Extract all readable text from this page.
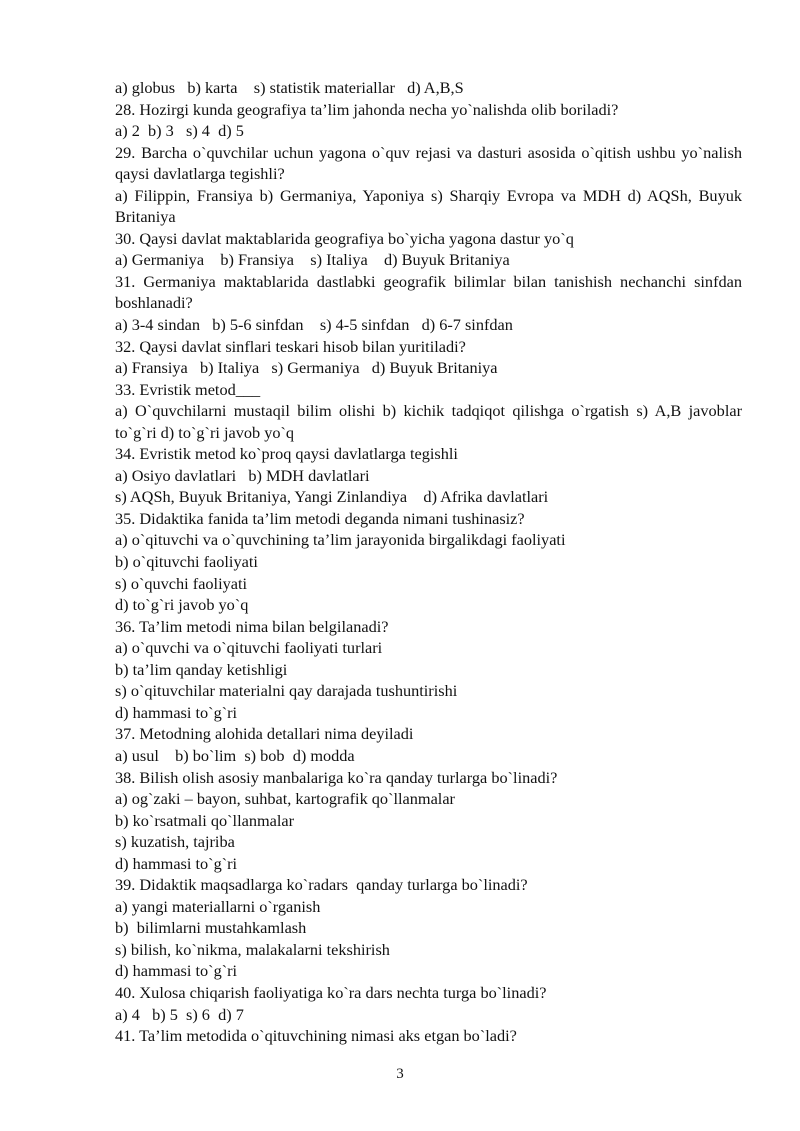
a) globus   b) karta    s) statistik materiallar   d) A,B,S
28. Hozirgi kunda geografiya ta’lim jahonda necha yo`nalishda olib boriladi?
a) 2  b) 3   s) 4  d) 5
29. Barcha o`quvchilar uchun yagona o`quv rejasi va dasturi asosida o`qitish ushbu yo`nalish qaysi davlatlarga tegishli?
a) Filippin, Fransiya b) Germaniya, Yaponiya s) Sharqiy Evropa va MDH d) AQSh, Buyuk Britaniya
30. Qaysi davlat maktablarida geografiya bo`yicha yagona dastur yo`q
a) Germaniya    b) Fransiya    s) Italiya    d) Buyuk Britaniya
31. Germaniya maktablarida dastlabki geografik bilimlar bilan tanishish nechanchi sinfdan boshlanadi?
a) 3-4 sindan   b) 5-6 sinfdan    s) 4-5 sinfdan   d) 6-7 sinfdan
32. Qaysi davlat sinflari teskari hisob bilan yuritiladi?
a) Fransiya   b) Italiya   s) Germaniya   d) Buyuk Britaniya
33. Evristik metod___
a) O`quvchilarni mustaqil bilim olishi b) kichik tadqiqot qilishga o`rgatish s) A,B javoblar to`g`ri d) to`g`ri javob yo`q
34. Evristik metod ko`proq qaysi davlatlarga tegishli
a) Osiyo davlatlari   b) MDH davlatlari
s) AQSh, Buyuk Britaniya, Yangi Zinlandiya    d) Afrika davlatlari
35. Didaktika fanida ta’lim metodi deganda nimani tushinasiz?
a) o`qituvchi va o`quvchining ta’lim jarayonida birgalikdagi faoliyati
b) o`qituvchi faoliyati
s) o`quvchi faoliyati
d) to`g`ri javob yo`q
36. Ta’lim metodi nima bilan belgilanadi?
a) o`quvchi va o`qituvchi faoliyati turlari
b) ta’lim qanday ketishligi
s) o`qituvchilar materialni qay darajada tushuntirishi
d) hammasi to`g`ri
37. Metodning alohida detallari nima deyiladi
a) usul    b) bo`lim  s) bob  d) modda
38. Bilish olish asosiy manbalariga ko`ra qanday turlarga bo`linadi?
a) og`zaki – bayon, suhbat, kartografik qo`llanmalar
b) ko`rsatmali qo`llanmalar
s) kuzatish, tajriba
d) hammasi to`g`ri
39. Didaktik maqsadlarga ko`radars  qanday turlarga bo`linadi?
a) yangi materiallarni o`rganish
b)  bilimlarni mustahkamlash
s) bilish, ko`nikma, malakalarni tekshirish
d) hammasi to`g`ri
40. Xulosa chiqarish faoliyatiga ko`ra dars nechta turga bo`linadi?
a) 4   b) 5  s) 6  d) 7
41. Ta’lim metodida o`qituvchining nimasi aks etgan bo`ladi?
3
